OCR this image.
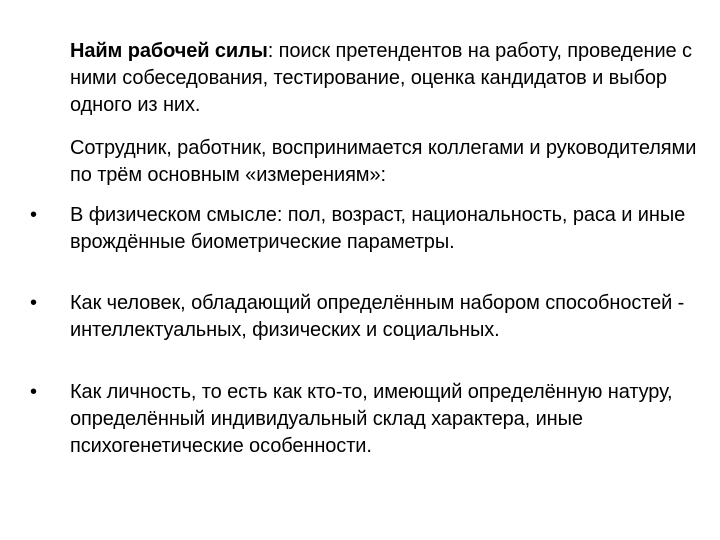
Найм рабочей силы: поиск претендентов на работу, проведение с ними собеседования, тестирование, оценка кандидатов и выбор одного из них.
Сотрудник, работник, воспринимается коллегами и руководителями по трём основным «измерениям»:
• В физическом смысле: пол, возраст, национальность, раса и иные врождённые биометрические параметры.
• Как человек, обладающий определённым набором способностей - интеллектуальных, физических и социальных.
• Как личность, то есть как кто-то, имеющий определённую натуру, определённый индивидуальный склад характера, иные психогенетические особенности.
